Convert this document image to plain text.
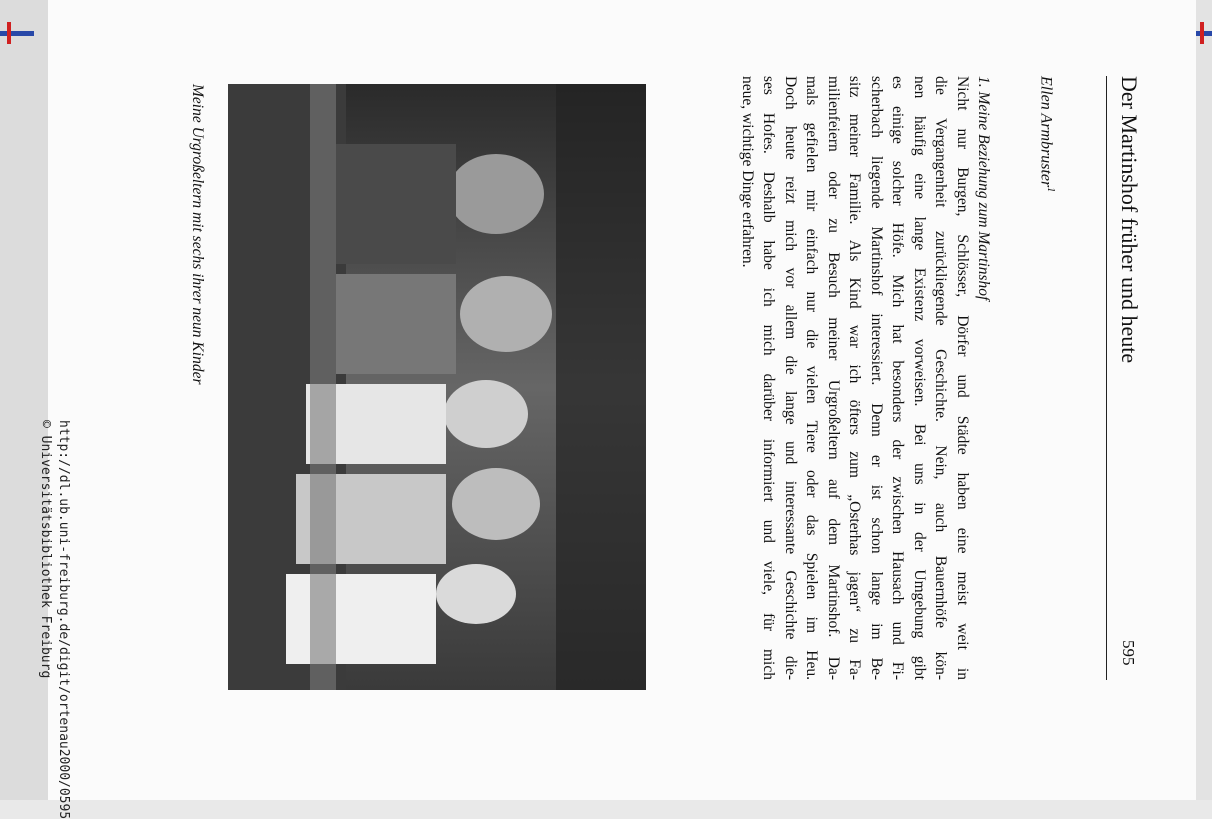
Der Martinshof früher und heute
595
Ellen Armbruster$^1$
1. Meine Beziehung zum Martinshof
Nicht nur Burgen, Schlösser, Dörfer und Städte haben eine meist weit in
die Vergangenheit zurückliegende Geschichte. Nein, auch Bauernhöfe kön-
nen häufig eine lange Existenz vorweisen. Bei uns in der Umgebung gibt
es einige solcher Höfe. Mich hat besonders der zwischen Hausach und Fi-
scherbach liegende Martinshof interessiert. Denn er ist schon lange im Be-
sitz meiner Familie. Als Kind war ich öfters zum „Osterhas jagen“ zu Fa-
milienfeiern oder zu Besuch meiner Urgroßeltern auf dem Martinshof. Da-
mals gefielen mir einfach nur die vielen Tiere oder das Spielen im Heu.
Doch heute reizt mich vor allem die lange und interessante Geschichte die-
ses Hofes. Deshalb habe ich mich darüber informiert und viele, für mich
neue, wichtige Dinge erfahren.
Meine Urgroßeltern mit sechs ihrer neun Kinder
http://dl.ub.uni-freiburg.de/digit/ortenau2000/0595
© Universitätsbibliothek Freiburg
